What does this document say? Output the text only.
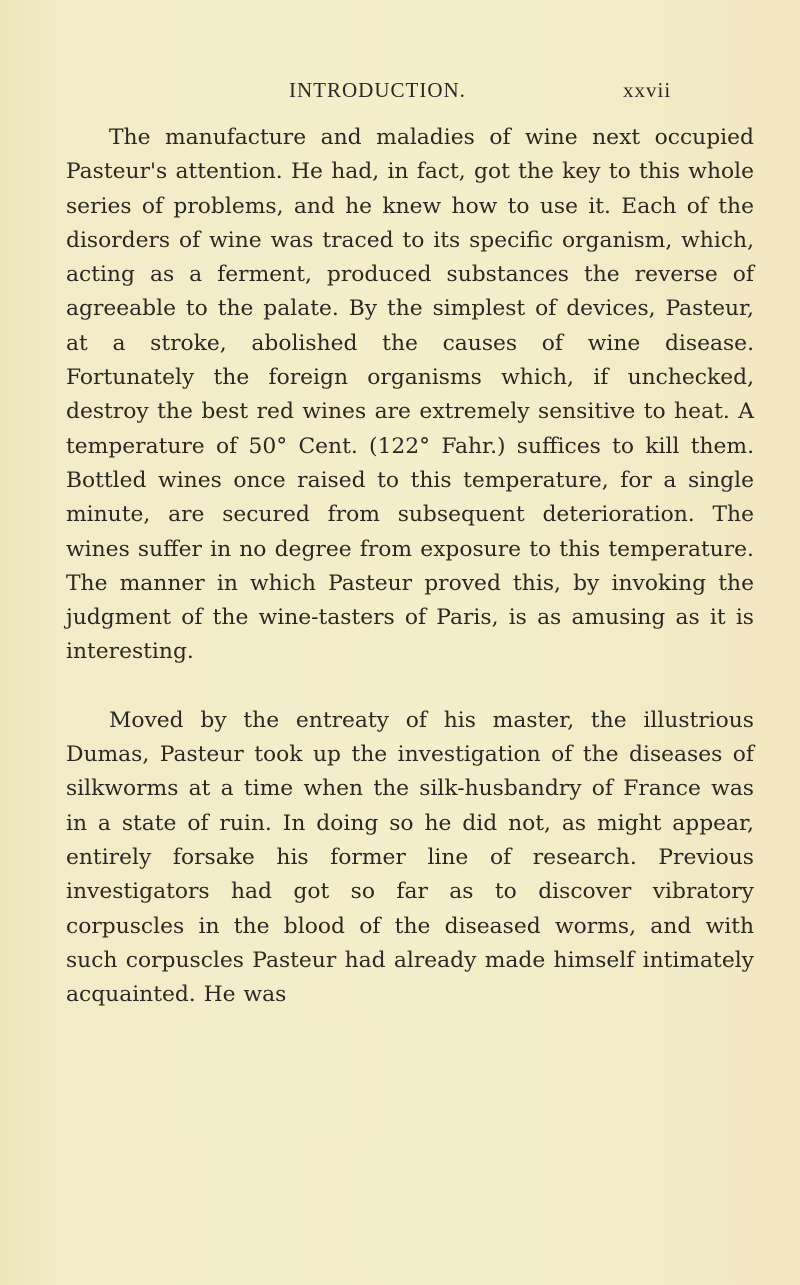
INTRODUCTION.	xxvii

The manufacture and maladies of wine next occupied Pasteur's attention. He had, in fact, got the key to this whole series of problems, and he knew how to use it. Each of the disorders of wine was traced to its specific organism, which, acting as a ferment, produced substances the reverse of agreeable to the palate. By the simplest of devices, Pasteur, at a stroke, abolished the causes of wine disease. Fortunately the foreign organisms which, if unchecked, destroy the best red wines are extremely sensitive to heat. A temperature of 50° Cent. (122° Fahr.) suffices to kill them. Bottled wines once raised to this temperature, for a single minute, are secured from subsequent deterioration. The wines suffer in no degree from exposure to this temperature. The manner in which Pasteur proved this, by invoking the judgment of the wine-tasters of Paris, is as amusing as it is interesting.

Moved by the entreaty of his master, the illustrious Dumas, Pasteur took up the investigation of the diseases of silkworms at a time when the silk-husbandry of France was in a state of ruin. In doing so he did not, as might appear, entirely forsake his former line of research. Previous investigators had got so far as to discover vibratory corpuscles in the blood of the diseased worms, and with such corpuscles Pasteur had already made himself intimately acquainted. He was
